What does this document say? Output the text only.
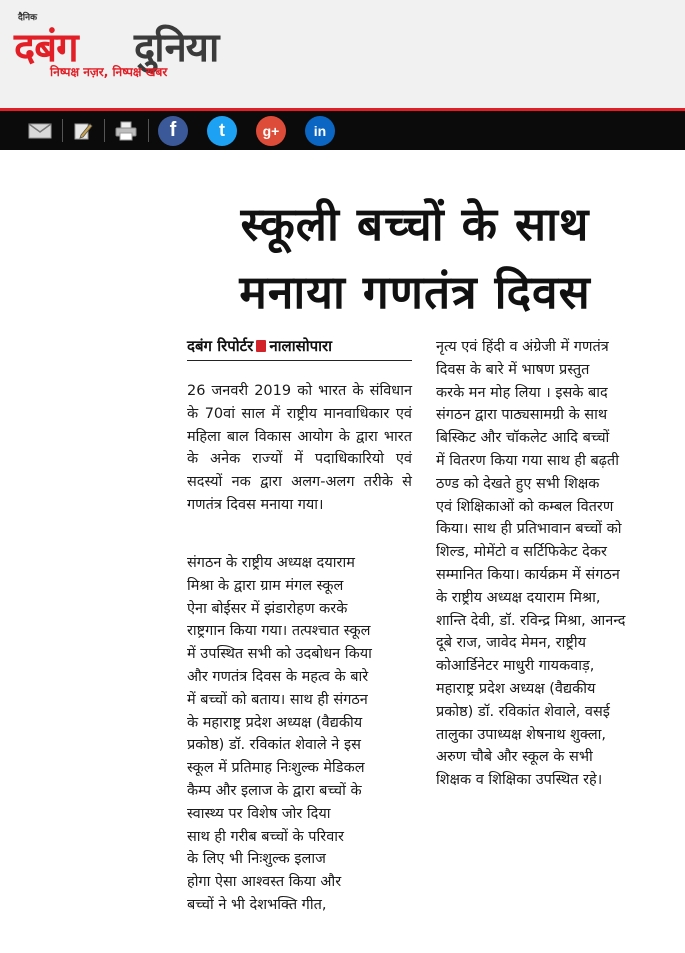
दैनिक
दबंग दुनिया
निष्पक्ष नज़र, निष्पक्ष खबर
f	t	g+	in
स्कूली बच्चों के साथ
मनाया गणतंत्र दिवस
दबंग रिपोर्टर नालासोपारा

26 जनवरी 2019 को भारत के संविधान के 70वां साल में राष्ट्रीय मानवाधिकार एवं महिला बाल विकास आयोग के द्वारा भारत के अनेक राज्यों में पदाधिकारियो एवं सदस्यों नक द्वारा अलग-अलग तरीके से गणतंत्र दिवस मनाया गया।

संगठन के राष्ट्रीय अध्यक्ष दयाराम
मिश्रा के द्वारा ग्राम मंगल स्कूल
ऐना बोईसर में झंडारोहण करके
राष्ट्रगान किया गया। तत्पश्चात स्कूल
में उपस्थित सभी को उदबोधन किया
और गणतंत्र दिवस के महत्व के बारे
में बच्चों को बताय। साथ ही संगठन
के महाराष्ट्र प्रदेश अध्यक्ष (वैद्यकीय
प्रकोष्ठ) डॉ. रविकांत शेवाले ने इस
स्कूल में प्रतिमाह निःशुल्क मेडिकल
कैम्प और इलाज के द्वारा बच्चों के
स्वास्थ्य पर विशेष जोर दिया
साथ ही गरीब बच्चों के परिवार
के लिए भी निःशुल्क इलाज
होगा ऐसा आश्वस्त किया और
बच्चों ने भी देशभक्ति गीत,
नृत्य एवं हिंदी व अंग्रेजी में गणतंत्र
दिवस के बारे में भाषण प्रस्तुत
करके मन मोह लिया । इसके बाद
संगठन द्वारा पाठ्यसामग्री के साथ
बिस्किट और चॉकलेट आदि बच्चों
में वितरण किया गया साथ ही बढ़ती
ठण्ड को देखते हुए सभी शिक्षक
एवं शिक्षिकाओं को कम्बल वितरण
किया। साथ ही प्रतिभावान बच्चों को
शिल्ड, मोमेंटो व सर्टिफिकेट देकर
सम्मानित किया। कार्यक्रम में संगठन
के राष्ट्रीय अध्यक्ष दयाराम मिश्रा,
शान्ति देवी, डॉ. रविन्द्र मिश्रा, आनन्द
दूबे राज, जावेद मेमन, राष्ट्रीय
कोआर्डिनेटर माधुरी गायकवाड़,
महाराष्ट्र प्रदेश अध्यक्ष (वैद्यकीय
प्रकोष्ठ) डॉ. रविकांत शेवाले, वसई
तालुका उपाध्यक्ष शेषनाथ शुक्ला,
अरुण चौबे और स्कूल के सभी
शिक्षक व शिक्षिका उपस्थित रहे।
